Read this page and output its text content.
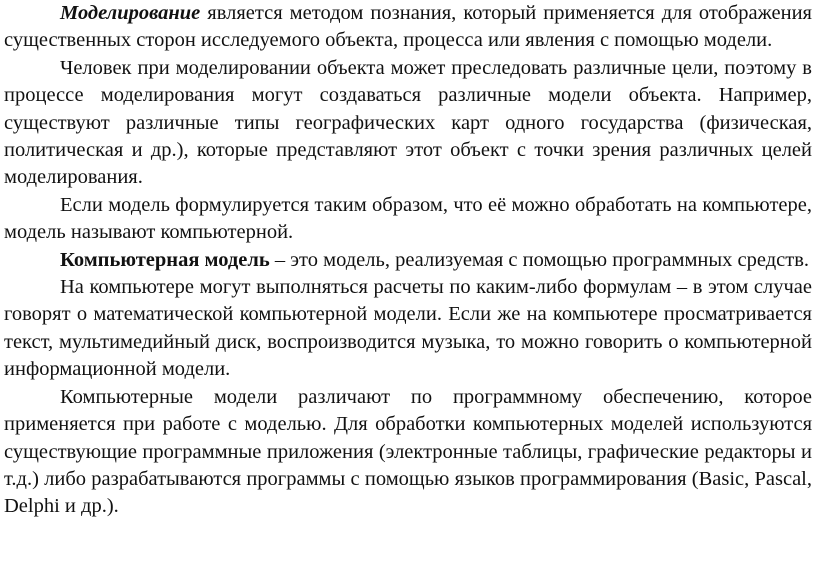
Моделирование является методом познания, который применяется для отображения существенных сторон исследуемого объекта, процесса или явления с помощью модели.

Человек при моделировании объекта может преследовать различные цели, поэтому в процессе моделирования могут создаваться различные модели объекта. Например, существуют различные типы географических карт одного государства (физическая, политическая и др.), которые представляют этот объект с точки зрения различных целей моделирования.

Если модель формулируется таким образом, что её можно обработать на компьютере, модель называют компьютерной.

Компьютерная модель – это модель, реализуемая с помощью программных средств.

На компьютере могут выполняться расчеты по каким-либо формулам – в этом случае говорят о математической компьютерной модели. Если же на компьютере просматривается текст, мультимедийный диск, воспроизводится музыка, то можно говорить о компьютерной информационной модели.

Компьютерные модели различают по программному обеспечению, которое применяется при работе с моделью. Для обработки компьютерных моделей используются существующие программные приложения (электронные таблицы, графические редакторы и т.д.) либо разрабатываются программы с помощью языков программирования (Basic, Pascal, Delphi и др.).
